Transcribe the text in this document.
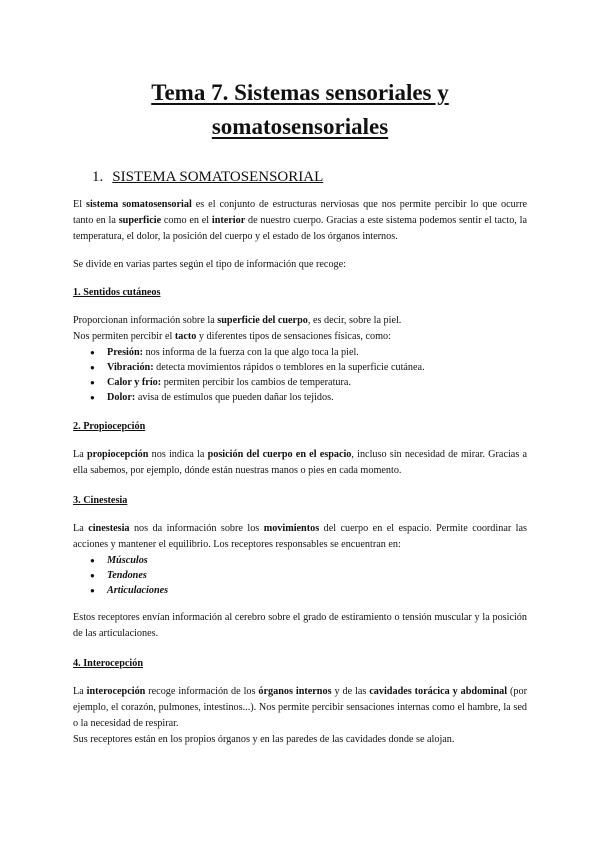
Tema 7. Sistemas sensoriales y
somatosensoriales
1. SISTEMA SOMATOSENSORIAL

El sistema somatosensorial es el conjunto de estructuras nerviosas que nos permite percibir lo que ocurre tanto en la superficie como en el interior de nuestro cuerpo. Gracias a este sistema podemos sentir el tacto, la temperatura, el dolor, la posición del cuerpo y el estado de los órganos internos.

Se divide en varias partes según el tipo de información que recoge:

1. Sentidos cutáneos

Proporcionan información sobre la superficie del cuerpo, es decir, sobre la piel.

Nos permiten percibir el tacto y diferentes tipos de sensaciones físicas, como:

● Presión: nos informa de la fuerza con la que algo toca la piel.
● Vibración: detecta movimientos rápidos o temblores en la superficie cutánea.
● Calor y frío: permiten percibir los cambios de temperatura.
● Dolor: avisa de estímulos que pueden dañar los tejidos.

2. Propiocepción

La propiocepción nos indica la posición del cuerpo en el espacio, incluso sin necesidad de mirar. Gracias a ella sabemos, por ejemplo, dónde están nuestras manos o pies en cada momento.

3. Cinestesia

La cinestesia nos da información sobre los movimientos del cuerpo en el espacio. Permite coordinar las acciones y mantener el equilibrio. Los receptores responsables se encuentran en:

● Músculos
● Tendones
● Articulaciones

Estos receptores envían información al cerebro sobre el grado de estiramiento o tensión muscular y la posición de las articulaciones.

4. Interocepción

La interocepción recoge información de los órganos internos y de las cavidades torácica y abdominal (por ejemplo, el corazón, pulmones, intestinos...). Nos permite percibir sensaciones internas como el hambre, la sed o la necesidad de respirar.

Sus receptores están en los propios órganos y en las paredes de las cavidades donde se alojan.
